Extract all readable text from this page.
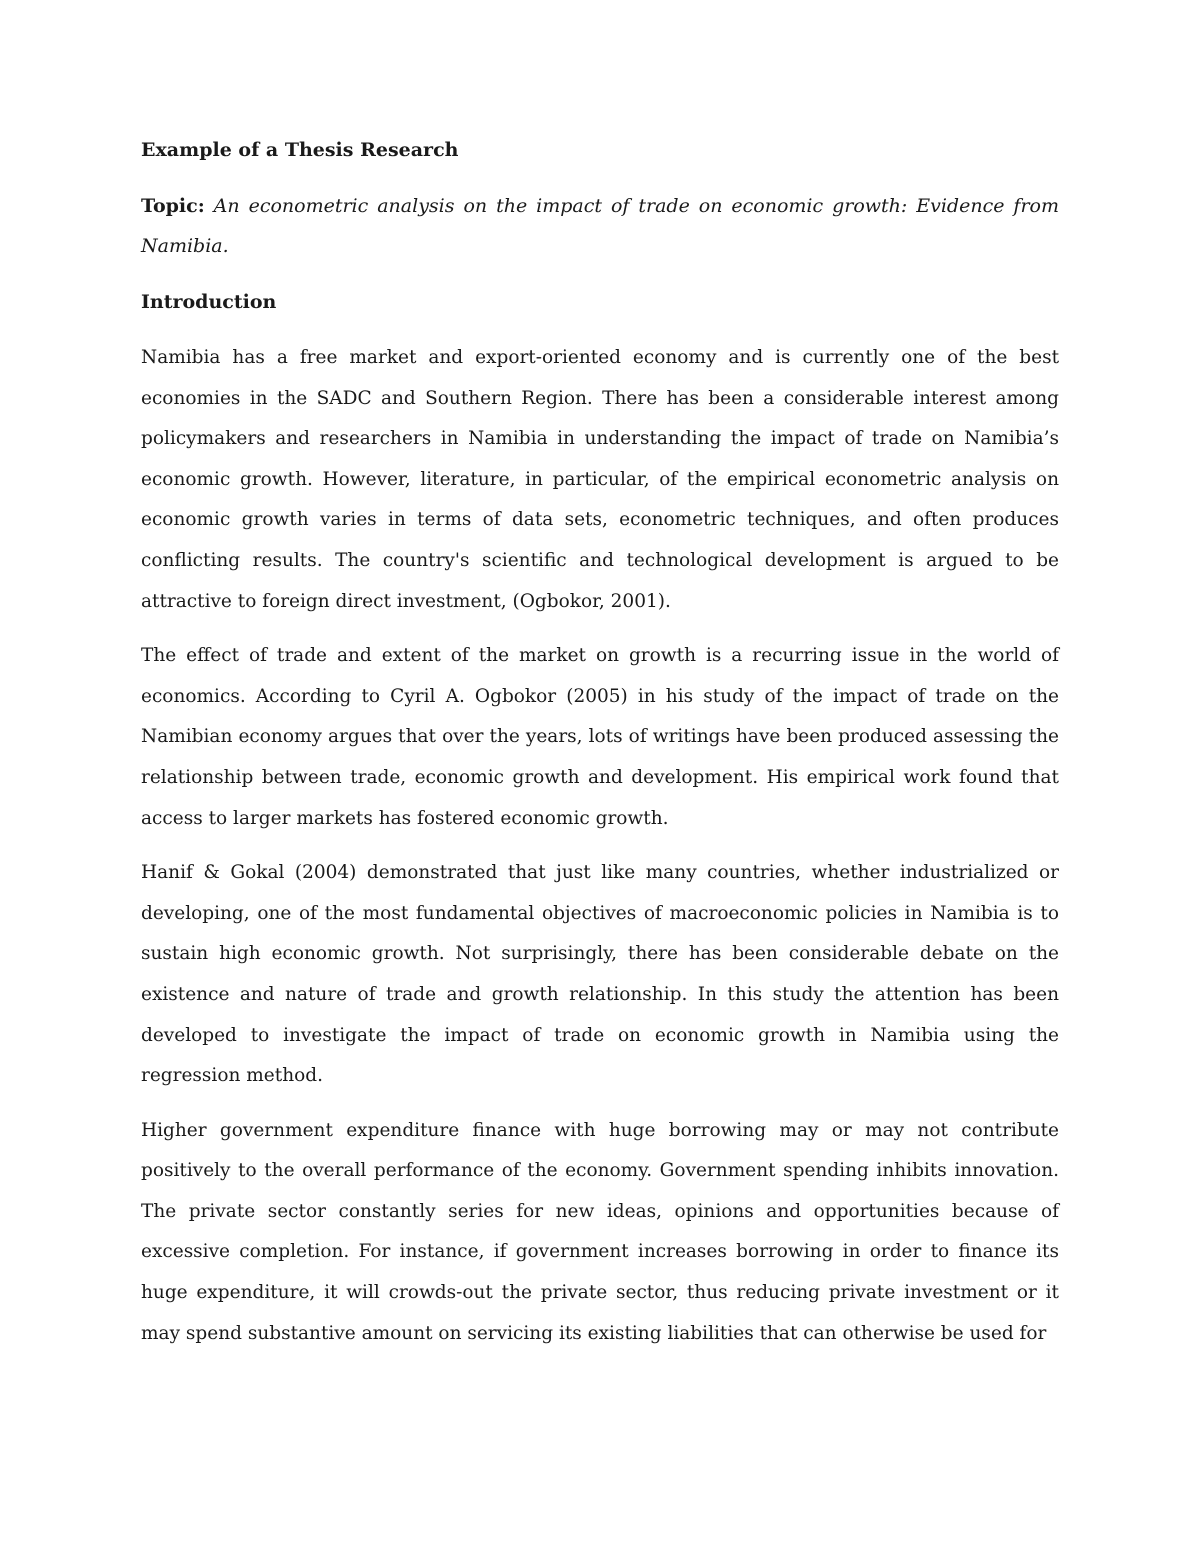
Example of a Thesis Research
Topic: An econometric analysis on the impact of trade on economic growth: Evidence from Namibia.
Introduction

Namibia has a free market and export-oriented economy and is currently one of the best economies in the SADC and Southern Region. There has been a considerable interest among policymakers and researchers in Namibia in understanding the impact of trade on Namibia’s economic growth. However, literature, in particular, of the empirical econometric analysis on economic growth varies in terms of data sets, econometric techniques, and often produces conflicting results. The country's scientific and technological development is argued to be attractive to foreign direct investment, (Ogbokor, 2001).

The effect of trade and extent of the market on growth is a recurring issue in the world of economics. According to Cyril A. Ogbokor (2005) in his study of the impact of trade on the Namibian economy argues that over the years, lots of writings have been produced assessing the relationship between trade, economic growth and development. His empirical work found that access to larger markets has fostered economic growth.

Hanif & Gokal (2004) demonstrated that just like many countries, whether industrialized or developing, one of the most fundamental objectives of macroeconomic policies in Namibia is to sustain high economic growth. Not surprisingly, there has been considerable debate on the existence and nature of trade and growth relationship. In this study the attention has been developed to investigate the impact of trade on economic growth in Namibia using the regression method.

Higher government expenditure finance with huge borrowing may or may not contribute positively to the overall performance of the economy. Government spending inhibits innovation. The private sector constantly series for new ideas, opinions and opportunities because of excessive completion. For instance, if government increases borrowing in order to finance its huge expenditure, it will crowds-out the private sector, thus reducing private investment or it may spend substantive amount on servicing its existing liabilities that can otherwise be used for
